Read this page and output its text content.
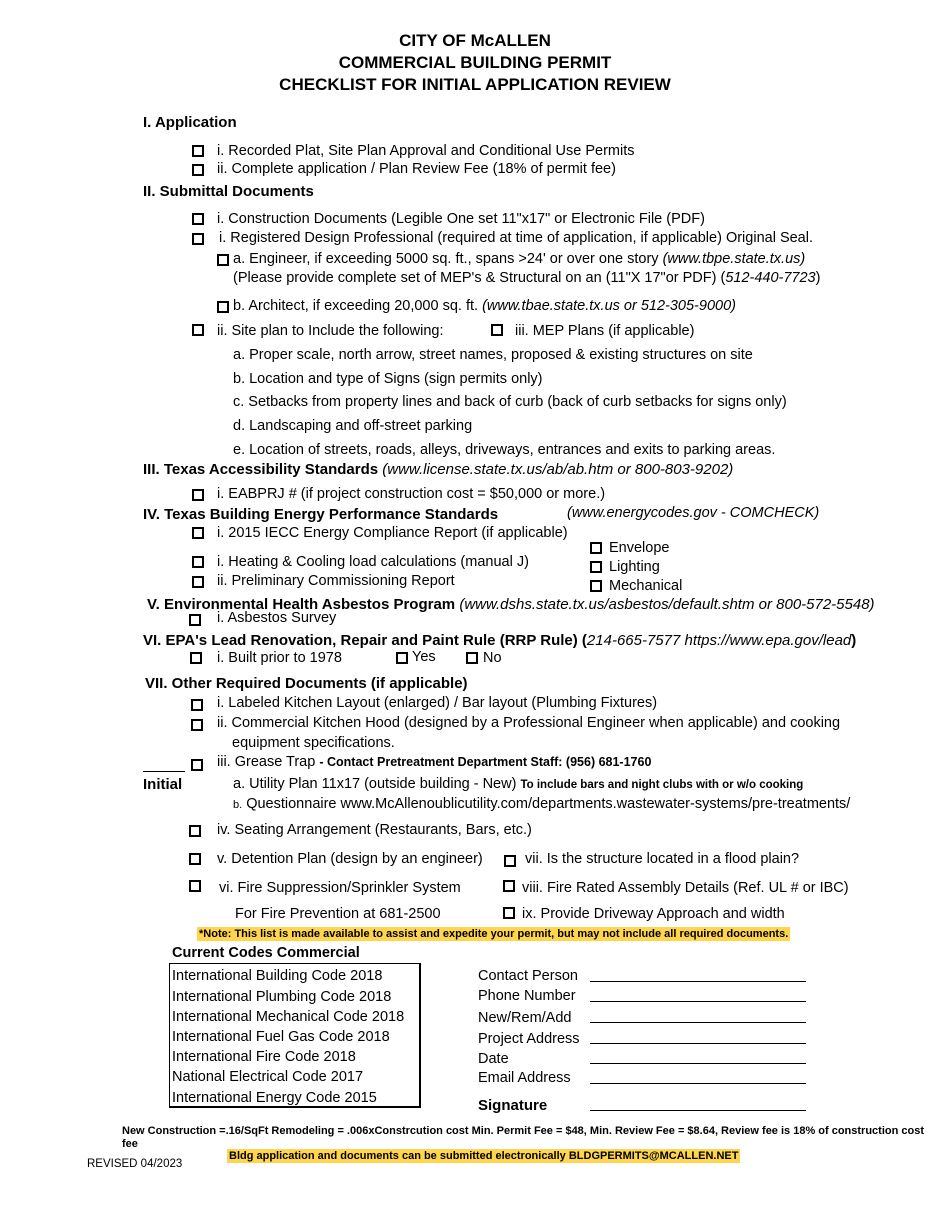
CITY OF McALLEN
COMMERCIAL BUILDING PERMIT
CHECKLIST FOR INITIAL APPLICATION REVIEW
I. Application
i. Recorded Plat, Site Plan Approval and Conditional Use Permits
ii. Complete application / Plan Review Fee (18% of permit fee)
II. Submittal Documents
i. Construction Documents (Legible One set 11"x17" or Electronic File (PDF)
i. Registered Design Professional (required at time of application, if applicable) Original Seal.
a. Engineer, if exceeding 5000 sq. ft., spans >24' or over one story (www.tbpe.state.tx.us)
(Please provide complete set of MEP's & Structural on an (11"X 17"or PDF) (512-440-7723)
b. Architect, if exceeding 20,000 sq. ft. (www.tbae.state.tx.us or 512-305-9000)
ii. Site plan to Include the following:	iii. MEP Plans (if applicable)
a. Proper scale, north arrow, street names, proposed & existing structures on site
b. Location and type of Signs (sign permits only)
c. Setbacks from property lines and back of curb (back of curb setbacks for signs only)
d. Landscaping and off-street parking
e. Location of streets, roads, alleys, driveways, entrances and exits to parking areas.
III. Texas Accessibility Standards (www.license.state.tx.us/ab/ab.htm or 800-803-9202)
i. EABPRJ # (if project construction cost = $50,000 or more.)
IV. Texas Building Energy Performance Standards	(www.energycodes.gov - COMCHECK)
i. 2015 IECC Energy Compliance Report (if applicable)
Envelope
i. Heating & Cooling load calculations (manual J)	Lighting
ii. Preliminary Commissioning Report	Mechanical
V. Environmental Health Asbestos Program (www.dshs.state.tx.us/asbestos/default.shtm or 800-572-5548)
i. Asbestos Survey
VI. EPA's Lead Renovation, Repair and Paint Rule (RRP Rule) (214-665-7577 https://www.epa.gov/lead)
i. Built prior to 1978	Yes	No
VII. Other Required Documents (if applicable)
i. Labeled Kitchen Layout (enlarged) / Bar layout (Plumbing Fixtures)
ii. Commercial Kitchen Hood (designed by a Professional Engineer when applicable) and cooking
equipment specifications.
iii. Grease Trap - Contact Pretreatment Department Staff: (956) 681-1760
Initial	a. Utility Plan 11x17 (outside building - New) To include bars and night clubs with or w/o cooking
b. Questionnaire www.McAllenoublicutility.com/departments.wastewater-systems/pre-treatments/
iv. Seating Arrangement (Restaurants, Bars, etc.)
v. Detention Plan (design by an engineer)	vii. Is the structure located in a flood plain?
vi. Fire Suppression/Sprinkler System	viii. Fire Rated Assembly Details (Ref. UL # or IBC)
For Fire Prevention at 681-2500	ix. Provide Driveway Approach and width
*Note: This list is made available to assist and expedite your permit, but may not include all required documents.
Current Codes Commercial
International Building Code 2018
International Plumbing Code 2018
International Mechanical Code 2018
International Fuel Gas Code 2018
International Fire Code 2018
National Electrical Code 2017
International Energy Code 2015
Contact Person
Phone Number
New/Rem/Add
Project Address
Date
Email Address
Signature
New Construction =.16/SqFt Remodeling = .006xConstrcution cost Min. Permit Fee = $48, Min. Review Fee = $8.64, Review fee is 18% of construction cost
fee
Bldg application and documents can be submitted electronically BLDGPERMITS@MCALLEN.NET
REVISED 04/2023
